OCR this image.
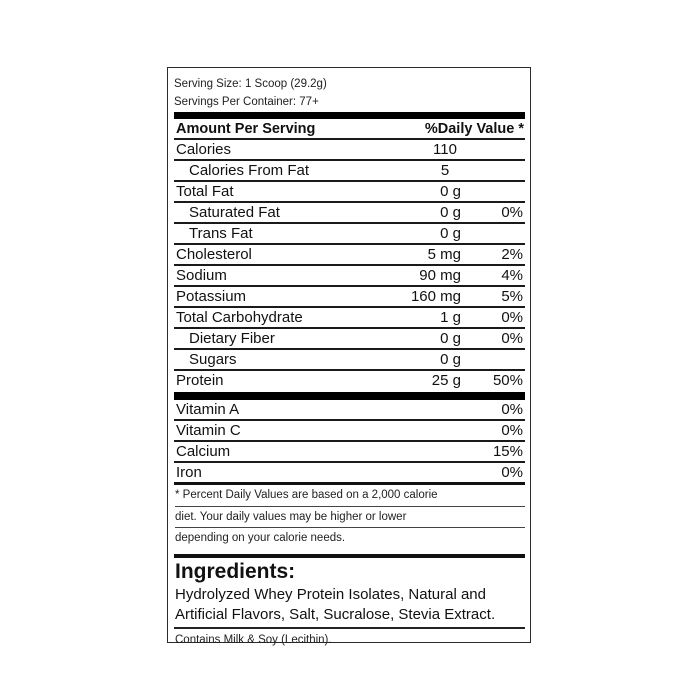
Serving Size: 1 Scoop (29.2g)
Servings Per Container: 77+
Amount Per Serving	%Daily Value *
Calories	110
Calories From Fat	5
Total Fat	0 g
Saturated Fat	0 g	0%
Trans Fat	0 g
Cholesterol	5 mg	2%
Sodium	90 mg	4%
Potassium	160 mg	5%
Total Carbohydrate	1 g	0%
Dietary Fiber	0 g	0%
Sugars	0 g
Protein	25 g 50%
Vitamin A	0%
Vitamin C	0%
Calcium	15%
Iron	0%
* Percent Daily Values are based on a 2,000 calorie
diet. Your daily values may be higher or lower
depending on your calorie needs.
Ingredients:
Hydrolyzed Whey Protein Isolates, Natural and
Artificial Flavors, Salt, Sucralose, Stevia Extract.
Contains Milk & Soy (Lecithin).
